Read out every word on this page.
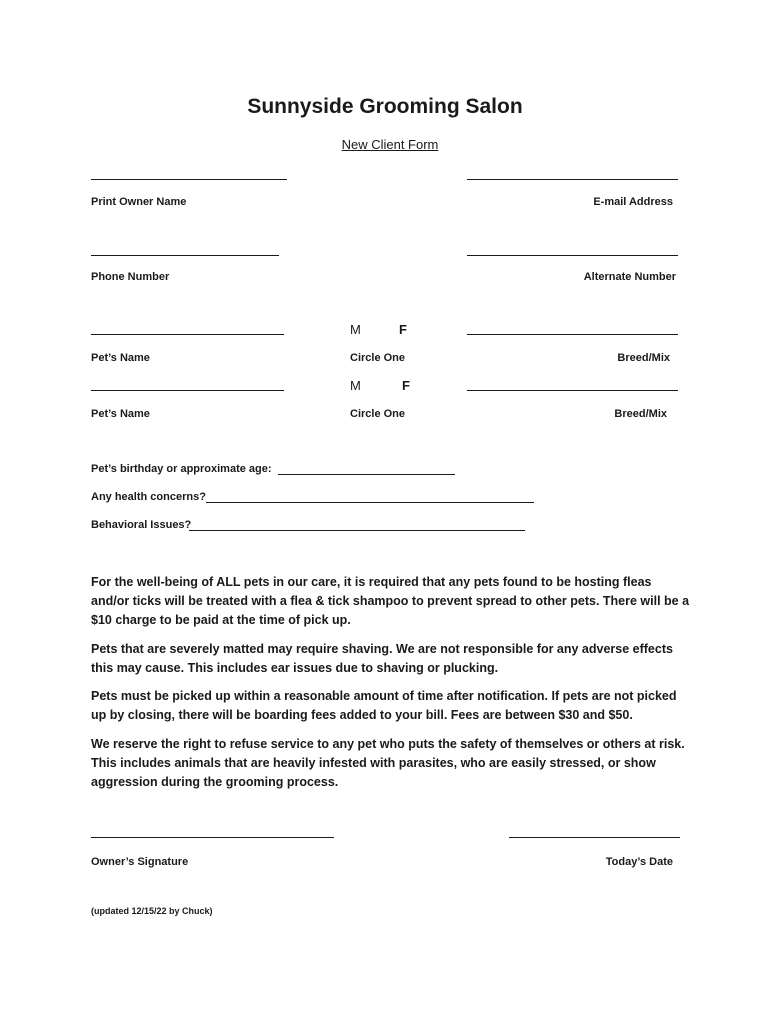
Sunnyside Grooming Salon
New Client Form
Print Owner Name	E-mail Address
Phone Number	Alternate Number
M	F
Pet’s Name	Circle One	Breed/Mix
M	F
Pet’s Name	Circle One	Breed/Mix
Pet’s birthday or approximate age:
Any health concerns?
Behavioral Issues?
For the well-being of ALL pets in our care, it is required that any pets found to be hosting fleas and/or ticks will be treated with a flea & tick shampoo to prevent spread to other pets. There will be a $10 charge to be paid at the time of pick up.
Pets that are severely matted may require shaving. We are not responsible for any adverse effects this may cause. This includes ear issues due to shaving or plucking.
Pets must be picked up within a reasonable amount of time after notification. If pets are not picked up by closing, there will be boarding fees added to your bill. Fees are between $30 and $50.
We reserve the right to refuse service to any pet who puts the safety of themselves or others at risk. This includes animals that are heavily infested with parasites, who are easily stressed, or show aggression during the grooming process.
Owner’s Signature	Today’s Date
(updated 12/15/22 by Chuck)
